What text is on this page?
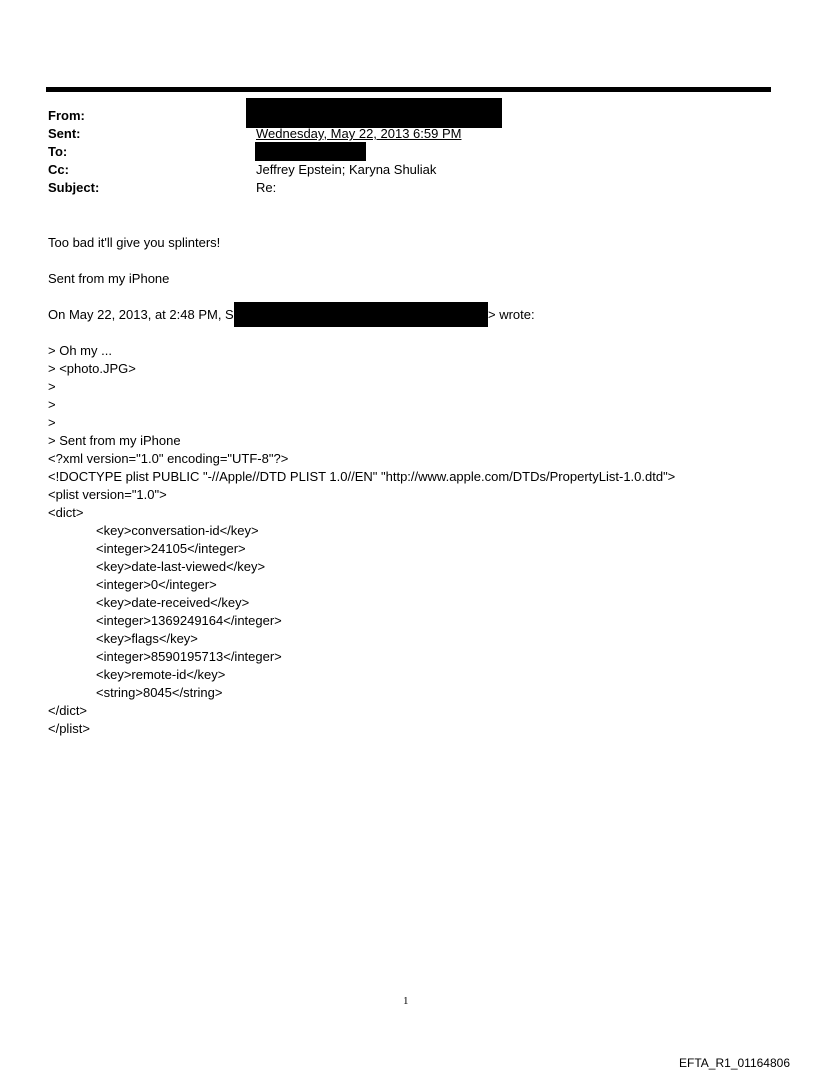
From:
Sent:
To:
Cc:
Subject:
Wednesday, May 22, 2013 6:59 PM
Jeffrey Epstein; Karyna Shuliak
Re:
Too bad it'll give you splinters!
Sent from my iPhone
On May 22, 2013, at 2:48 PM, S	> wrote:
> Oh my ...
> <photo.JPG>
>
>
>
> Sent from my iPhone
<?xml version="1.0" encoding="UTF-8"?>
<!DOCTYPE plist PUBLIC "-//Apple//DTD PLIST 1.0//EN" "http://www.apple.com/DTDs/PropertyList-1.0.dtd">
<plist version="1.0">
<dict>
<key>conversation-id</key>
<integer>24105</integer>
<key>date-last-viewed</key>
<integer>0</integer>
<key>date-received</key>
<integer>1369249164</integer>
<key>flags</key>
<integer>8590195713</integer>
<key>remote-id</key>
<string>8045</string>
</dict>
</plist>
1
EFTA_R1_01164806
